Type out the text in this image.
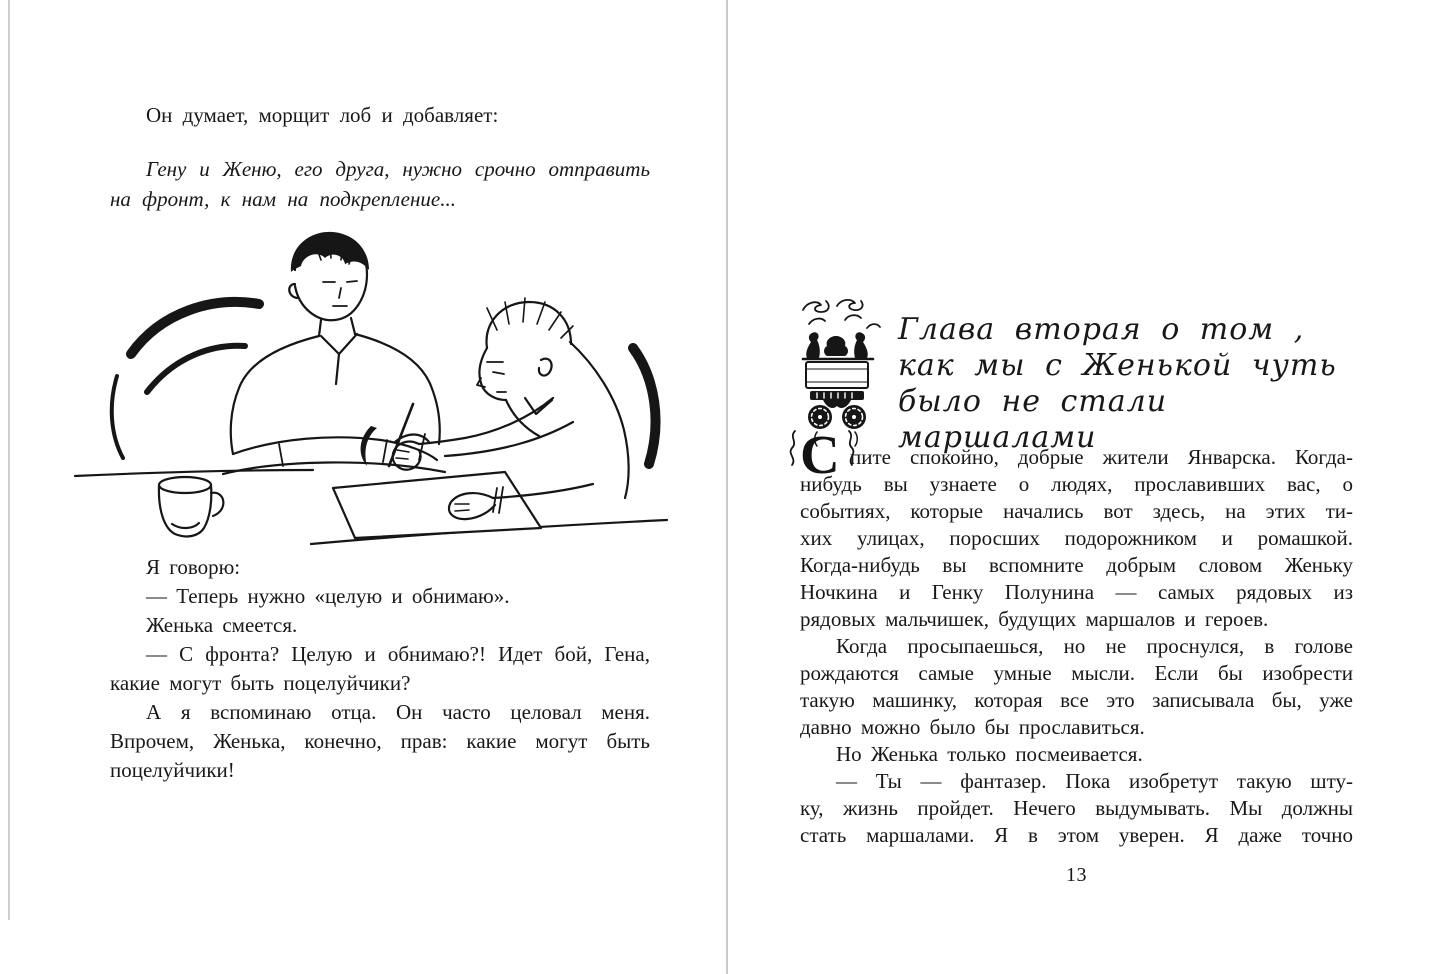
Он думает, морщит лоб и добавляет:
Гену и Женю, его друга, нужно срочно отправить
на фронт, к нам на подкрепление...
Я говорю:
— Теперь нужно «целую и обнимаю».
Женька смеется.
— С фронта? Целую и обнимаю?! Идет бой, Гена,
какие могут быть поцелуйчики?
А я вспоминаю отца. Он часто целовал меня.
Впрочем, Женька, конечно, прав: какие могут быть
поцелуйчики!
Глава вторая о том ,
как мы с Женькой чуть
было не стали маршалами
С пите спокойно, добрые жители Январска. Когда-
нибудь вы узнаете о людях, прославивших вас, о
событиях, которые начались вот здесь, на этих ти-
хих улицах, поросших подорожником и ромашкой.
Когда-нибудь вы вспомните добрым словом Женьку
Ночкина и Генку Полунина — самых рядовых из
рядовых мальчишек, будущих маршалов и героев.
Когда просыпаешься, но не проснулся, в голове
рождаются самые умные мысли. Если бы изобрести
такую машинку, которая все это записывала бы, уже
давно можно было бы прославиться.
Но Женька только посмеивается.
— Ты — фантазер. Пока изобретут такую шту-
ку, жизнь пройдет. Нечего выдумывать. Мы должны
стать маршалами. Я в этом уверен. Я даже точно
13
